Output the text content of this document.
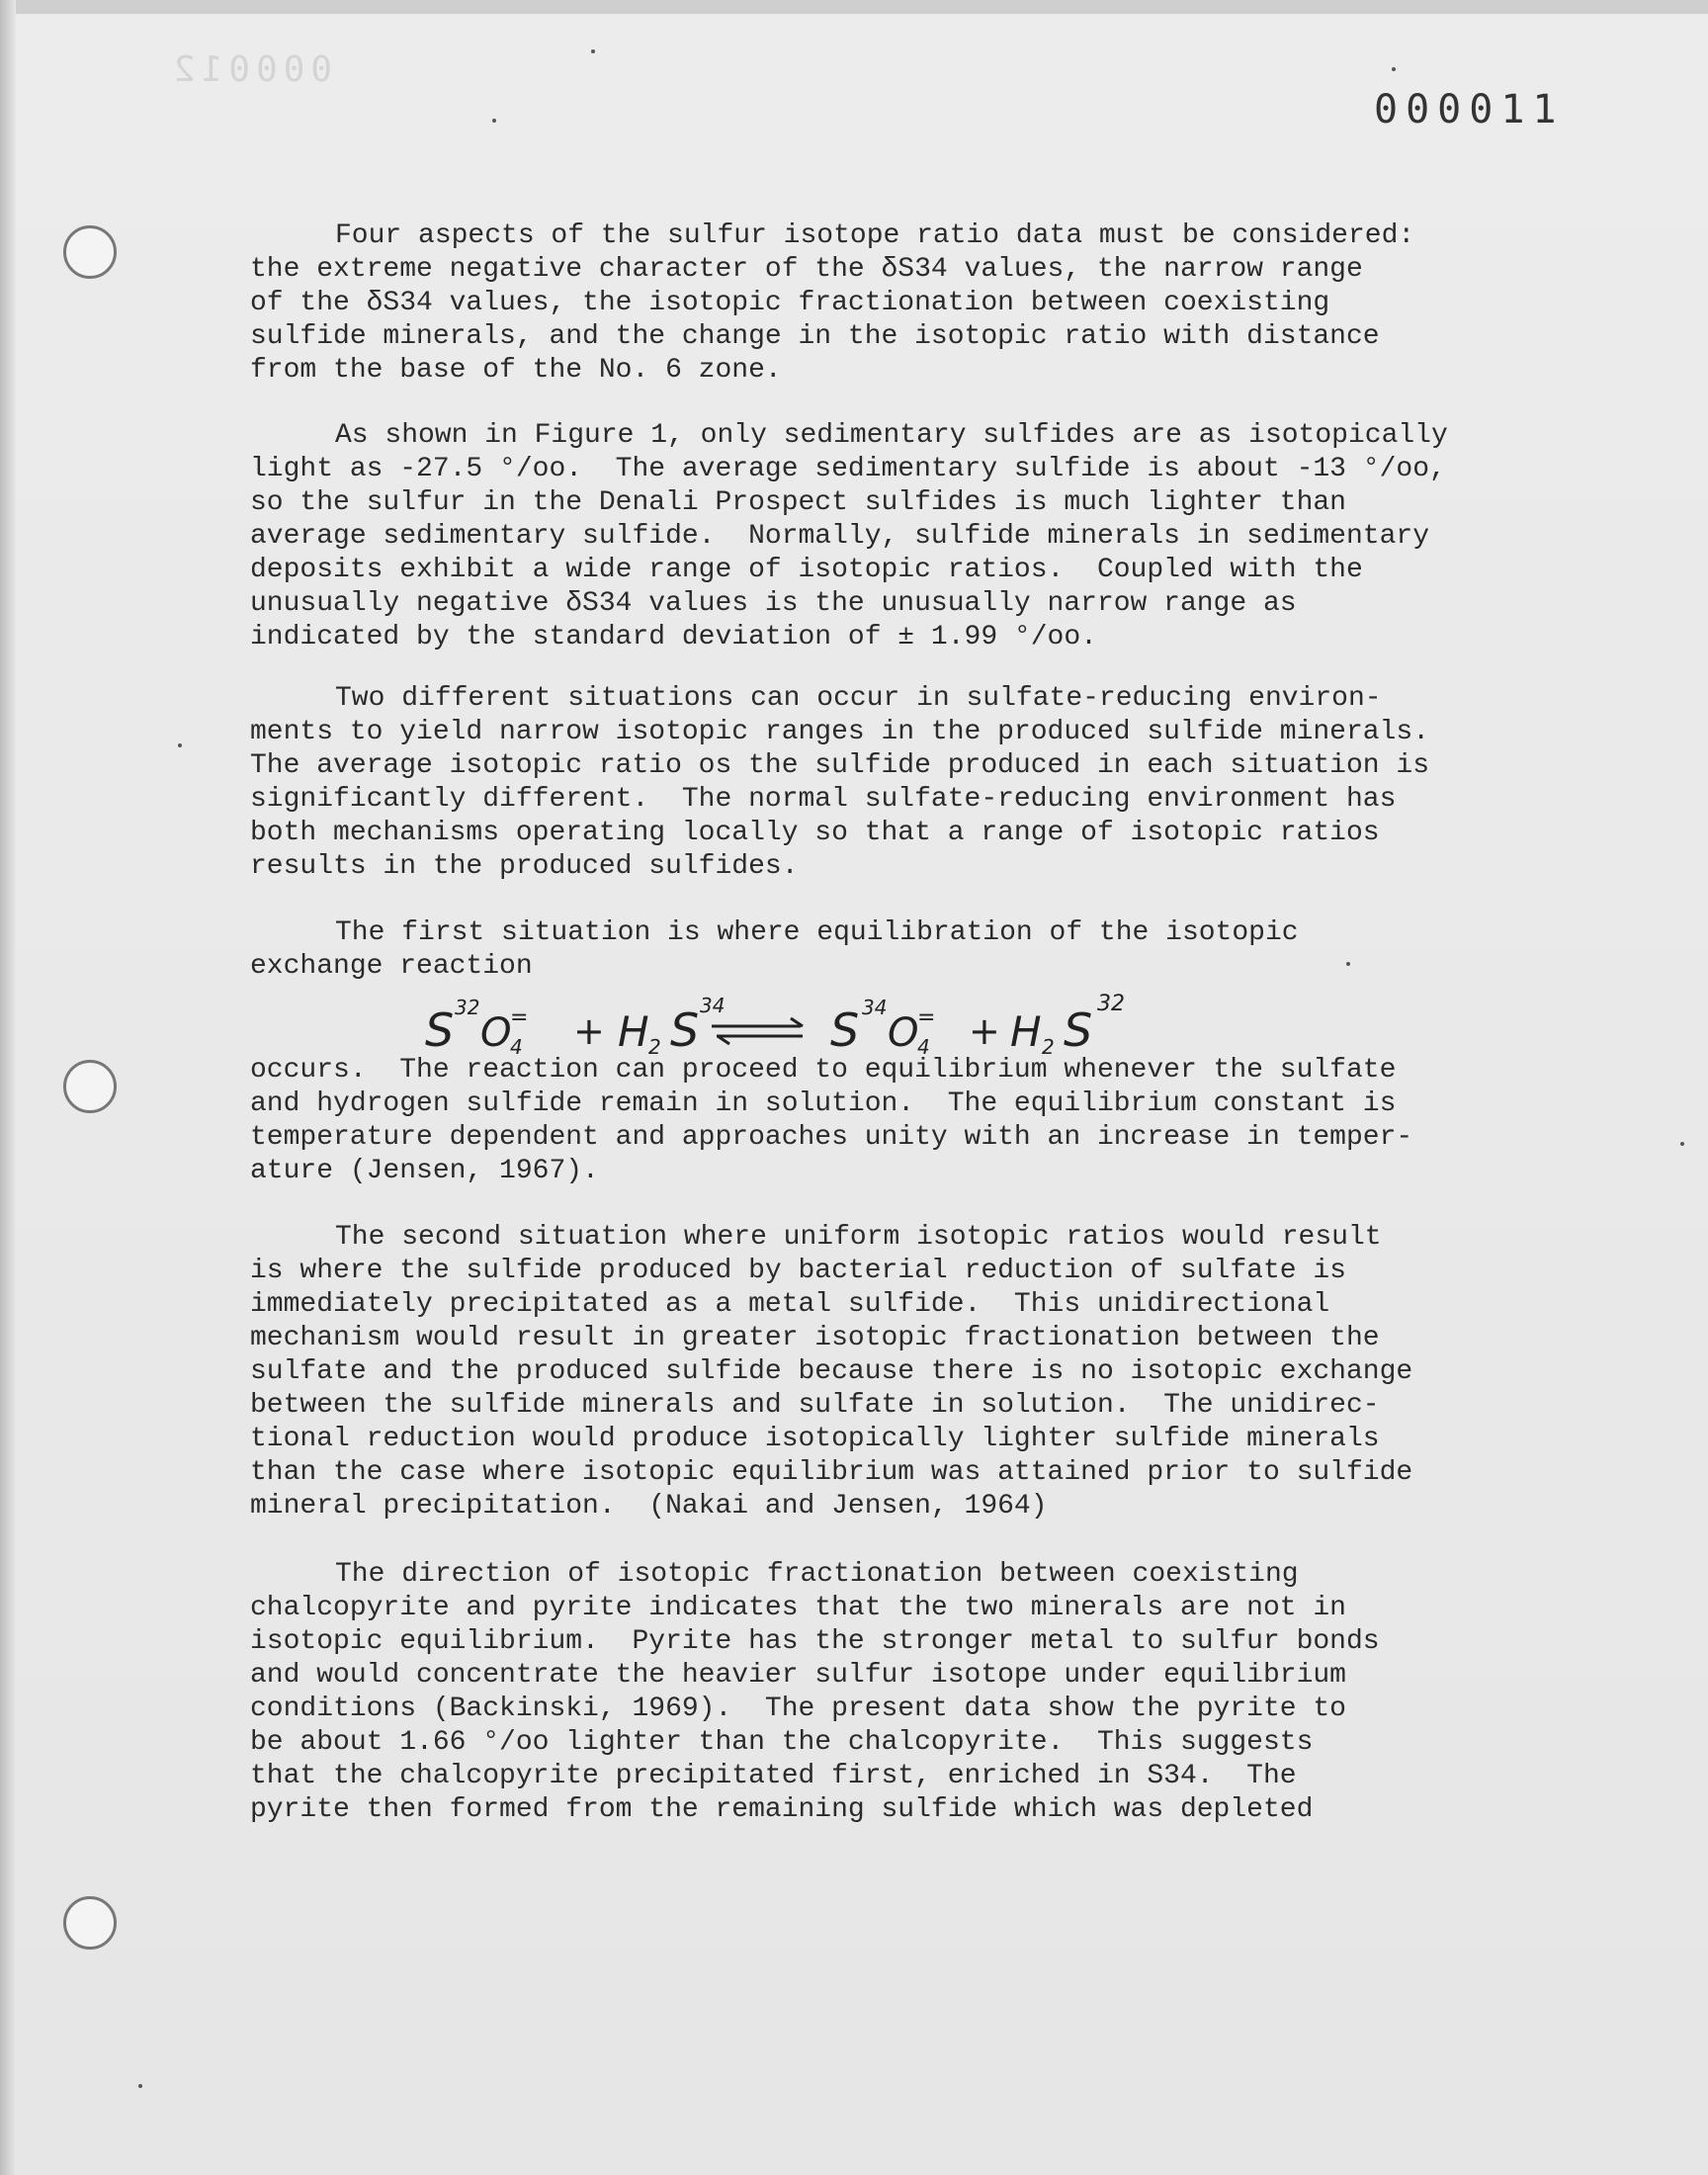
000012
000011

Four aspects of the sulfur isotope ratio data must be considered:
the extreme negative character of the δS34 values, the narrow range
of the δS34 values, the isotopic fractionation between coexisting
sulfide minerals, and the change in the isotopic ratio with distance
from the base of the No. 6 zone.

As shown in Figure 1, only sedimentary sulfides are as isotopically
light as -27.5 °/oo.  The average sedimentary sulfide is about -13 °/oo,
so the sulfur in the Denali Prospect sulfides is much lighter than
average sedimentary sulfide.  Normally, sulfide minerals in sedimentary
deposits exhibit a wide range of isotopic ratios.  Coupled with the
unusually negative δS34 values is the unusually narrow range as
indicated by the standard deviation of ± 1.99 °/oo.

Two different situations can occur in sulfate-reducing environ-
ments to yield narrow isotopic ranges in the produced sulfide minerals.
The average isotopic ratio os the sulfide produced in each situation is
significantly different.  The normal sulfate-reducing environment has
both mechanisms operating locally so that a range of isotopic ratios
results in the produced sulfides.

The first situation is where equilibration of the isotopic
exchange reaction

S 32
O
=
4 + H 2 S 34 S 34
O
=
4 + H 2 S 32

occurs.  The reaction can proceed to equilibrium whenever the sulfate
and hydrogen sulfide remain in solution.  The equilibrium constant is
temperature dependent and approaches unity with an increase in temper-
ature (Jensen, 1967).

The second situation where uniform isotopic ratios would result
is where the sulfide produced by bacterial reduction of sulfate is
immediately precipitated as a metal sulfide.  This unidirectional
mechanism would result in greater isotopic fractionation between the
sulfate and the produced sulfide because there is no isotopic exchange
between the sulfide minerals and sulfate in solution.  The unidirec-
tional reduction would produce isotopically lighter sulfide minerals
than the case where isotopic equilibrium was attained prior to sulfide
mineral precipitation.  (Nakai and Jensen, 1964)

The direction of isotopic fractionation between coexisting
chalcopyrite and pyrite indicates that the two minerals are not in
isotopic equilibrium.  Pyrite has the stronger metal to sulfur bonds
and would concentrate the heavier sulfur isotope under equilibrium
conditions (Backinski, 1969).  The present data show the pyrite to
be about 1.66 °/oo lighter than the chalcopyrite.  This suggests
that the chalcopyrite precipitated first, enriched in S34.  The
pyrite then formed from the remaining sulfide which was depleted
